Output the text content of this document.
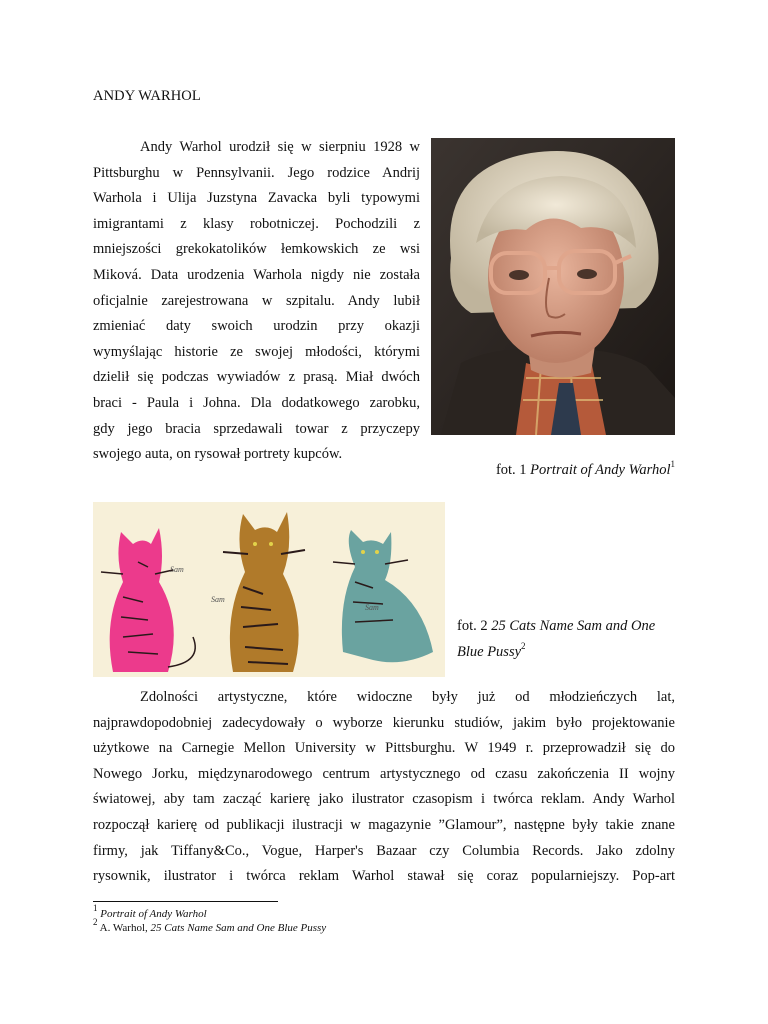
ANDY WARHOL
Andy Warhol urodził się w sierpniu 1928 w
Pittsburghu w Pennsylvanii. Jego rodzice Andrij
Warhola i Ulija Juzstyna Zavacka byli typowymi
imigrantami z klasy robotniczej. Pochodzili z
mniejszości grekokatolików łemkowskich ze wsi
Miková. Data urodzenia Warhola nigdy nie została
oficjalnie zarejestrowana w szpitalu. Andy lubił
zmieniać daty swoich urodzin przy okazji
wymyślając historie ze swojej młodości, którymi
dzielił się podczas wywiadów z prasą. Miał dwóch
braci - Paula i Johna. Dla dodatkowego zarobku,
gdy jego bracia sprzedawali towar z przyczepy
swojego auta, on rysował portrety kupców.
fot. 1 Portrait of Andy Warhol$^1$
Sam
Sam
Sam
fot. 2 25 Cats Name Sam and One Blue Pussy$^2$
Zdolności artystyczne, które widoczne były już od młodzieńczych lat,
najprawdopodobniej zadecydowały o wyborze kierunku studiów, jakim było projektowanie
użytkowe na Carnegie Mellon University w Pittsburghu. W 1949 r. przeprowadził się do
Nowego Jorku, międzynarodowego centrum artystycznego od czasu zakończenia II wojny
światowej, aby tam zacząć karierę jako ilustrator czasopism i twórca reklam. Andy Warhol
rozpoczął karierę od publikacji ilustracji w magazynie ”Glamour”, następne były takie znane
firmy, jak Tiffany&Co., Vogue, Harper's Bazaar czy Columbia Records. Jako zdolny
rysownik, ilustrator i twórca reklam Warhol stawał się coraz popularniejszy. Pop-art
$^1$ Portrait of Andy Warhol
$^2$ A. Warhol, 25 Cats Name Sam and One Blue Pussy
